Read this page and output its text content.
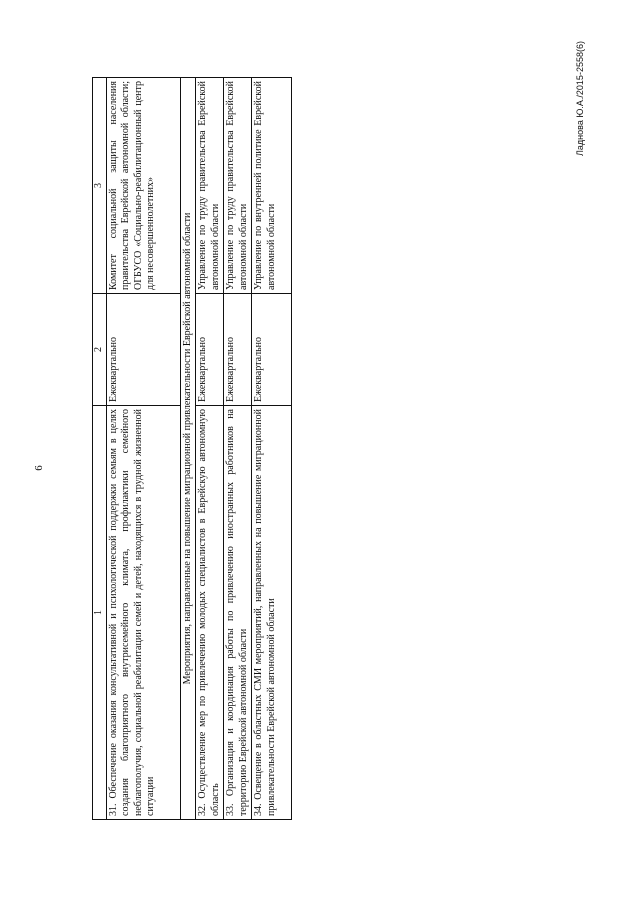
6
Ладнова Ю.А./2015-2558(6)
1	2	3
31. Обеспечение оказания консультативной и психологической поддержки семьям в целях создания благоприятного внутрисемейного климата, профилактики семейного неблагополучия, социальной реабилитации семей и детей, находящихся в трудной жизненной ситуации	Ежеквартально	Комитет социальной защиты населения правительства Еврейской автономной области; ОГБУСО «Социально-реабилитационный центр для несовершеннолетних»
Мероприятия, направленные на повышение миграционной привлекательности Еврейской автономной области		
32. Осуществление мер по привлечению молодых специалистов в Еврейскую автономную область	Ежеквартально	Управление по труду правительства Еврейской автономной области
33. Организация и координация работы по привлечению иностранных работников на территорию Еврейской автономной области	Ежеквартально	Управление по труду правительства Еврейской автономной области
34. Освещение в областных СМИ мероприятий, направленных на повышение миграционной привлекательности Еврейской автономной области	Ежеквартально	Управление по внутренней политике Еврейской автономной области
